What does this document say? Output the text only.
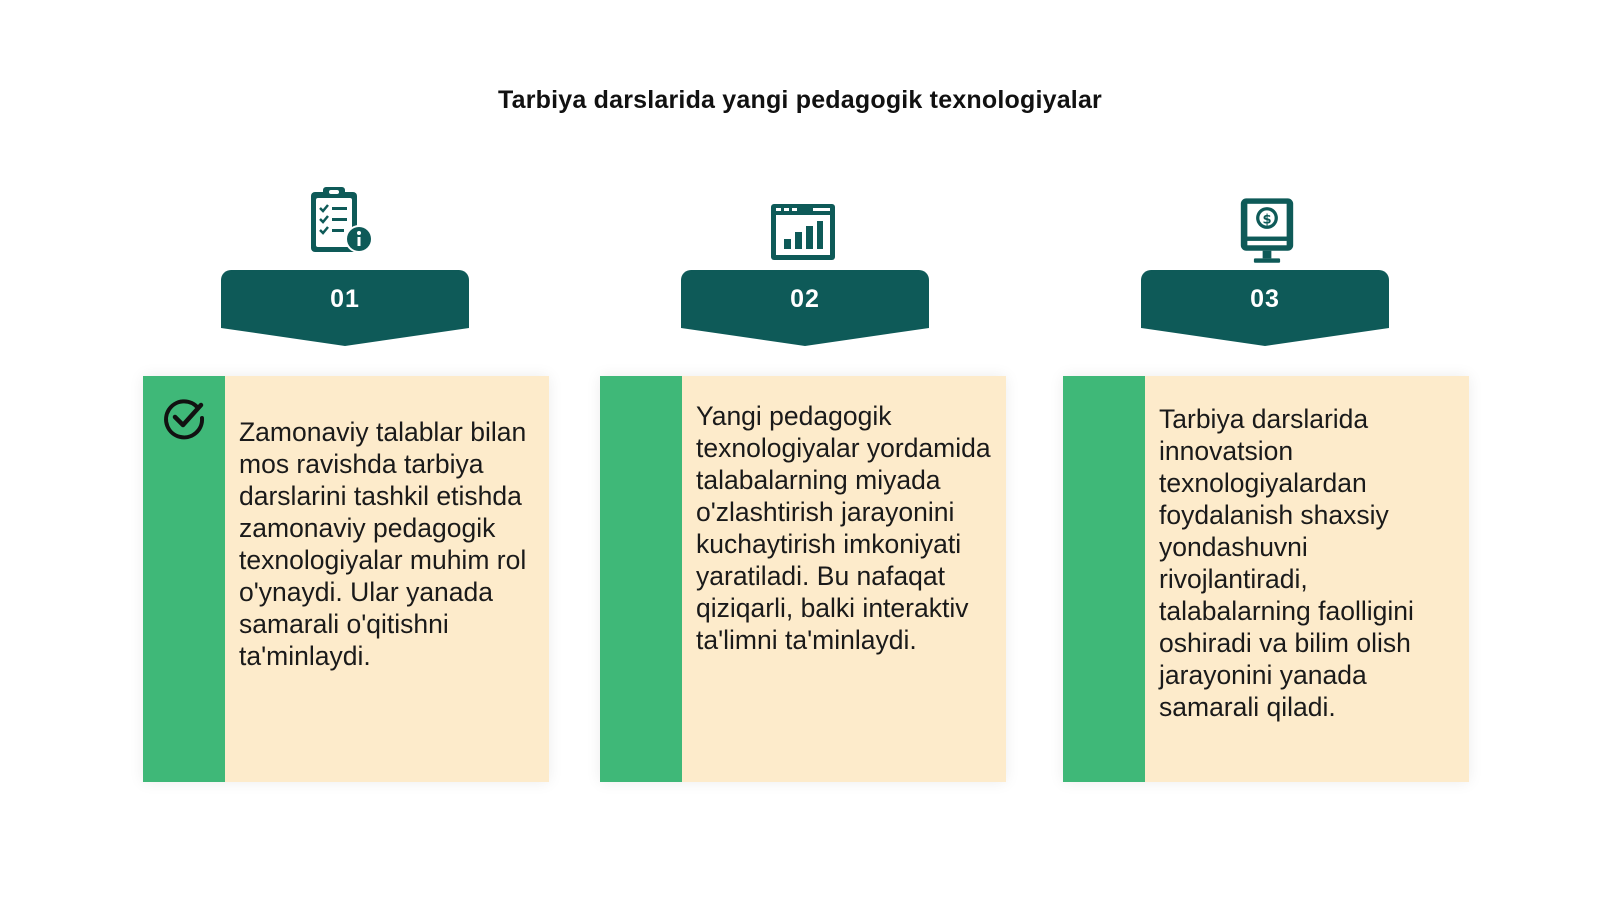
Tarbiya darslarida yangi pedagogik texnologiyalar
01
Zamonaviy talablar bilan mos ravishda tarbiya darslarini tashkil etishda zamonaviy pedagogik texnologiyalar muhim rol o'ynaydi. Ular yanada samarali o'qitishni ta'minlaydi.
02
Yangi pedagogik texnologiyalar yordamida talabalarning miyada o'zlashtirish jarayonini kuchaytirish imkoniyati yaratiladi. Bu nafaqat qiziqarli, balki interaktiv ta'limni ta'minlaydi.
$
03
Tarbiya darslarida innovatsion texnologiyalardan foydalanish shaxsiy yondashuvni rivojlantiradi, talabalarning faolligini oshiradi va bilim olish jarayonini yanada samarali qiladi.
